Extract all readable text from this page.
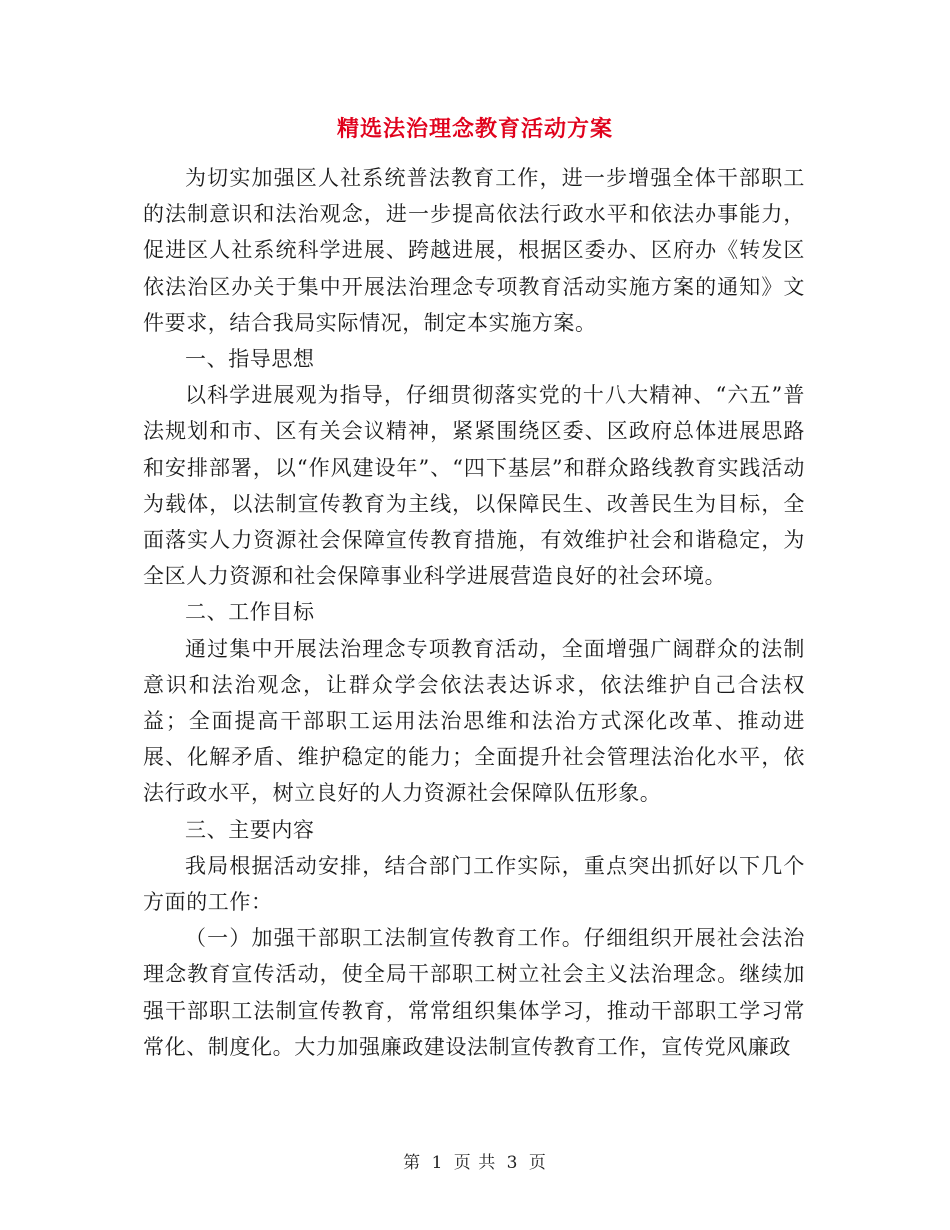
精选法治理念教育活动方案

为切实加强区人社系统普法教育工作，进一步增强全体干部职工的法制意识和法治观念，进一步提高依法行政水平和依法办事能力，促进区人社系统科学进展、跨越进展，根据区委办、区府办《转发区依法治区办关于集中开展法治理念专项教育活动实施方案的通知》文件要求，结合我局实际情况，制定本实施方案。

一、指导思想

以科学进展观为指导，仔细贯彻落实党的十八大精神、“六五”普法规划和市、区有关会议精神，紧紧围绕区委、区政府总体进展思路和安排部署，以“作风建设年”、“四下基层”和群众路线教育实践活动为载体，以法制宣传教育为主线，以保障民生、改善民生为目标，全面落实人力资源社会保障宣传教育措施，有效维护社会和谐稳定，为全区人力资源和社会保障事业科学进展营造良好的社会环境。

二、工作目标

通过集中开展法治理念专项教育活动，全面增强广阔群众的法制意识和法治观念，让群众学会依法表达诉求，依法维护自己合法权益；全面提高干部职工运用法治思维和法治方式深化改革、推动进展、化解矛盾、维护稳定的能力；全面提升社会管理法治化水平，依法行政水平，树立良好的人力资源社会保障队伍形象。

三、主要内容

我局根据活动安排，结合部门工作实际，重点突出抓好以下几个方面的工作：

（一）加强干部职工法制宣传教育工作。仔细组织开展社会法治理念教育宣传活动，使全局干部职工树立社会主义法治理念。继续加强干部职工法制宣传教育，常常组织集体学习，推动干部职工学习常常化、制度化。大力加强廉政建设法制宣传教育工作，宣传党风廉政

第 1 页 共 3 页
